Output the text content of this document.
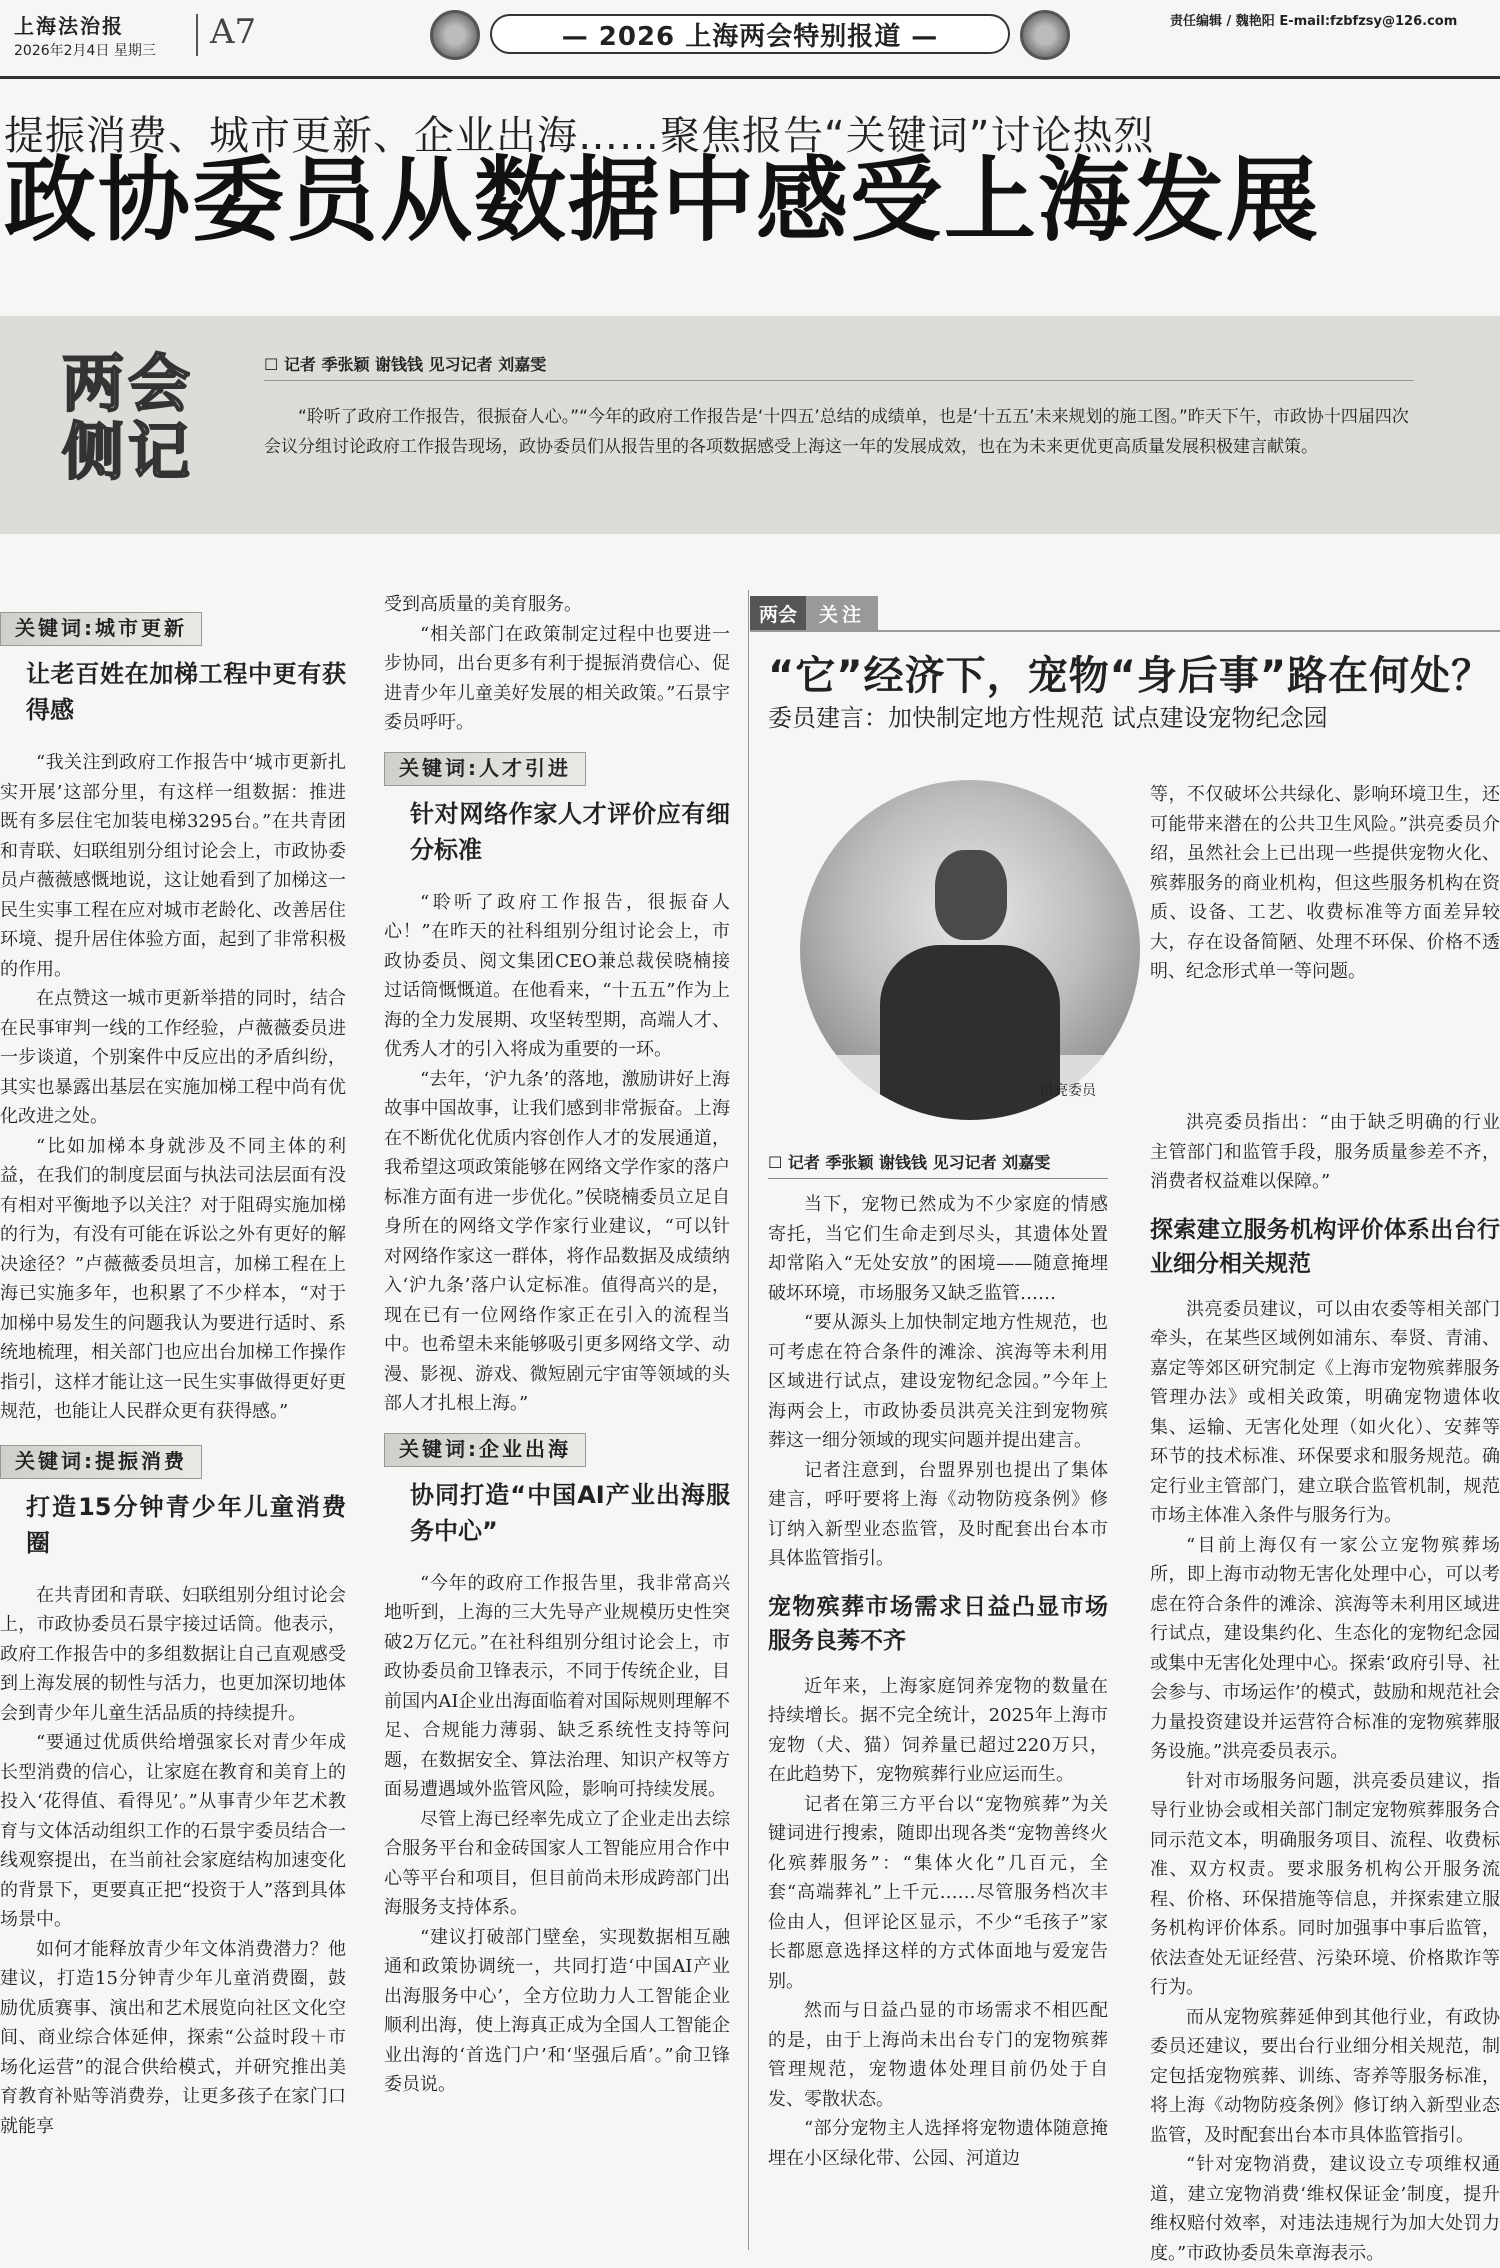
上海法治报
2026年2月4日 星期三 A7	— 2026 上海两会特别报道 —	责任编辑 / 魏艳阳 E-mail:fzbfzsy@126.com
提振消费、城市更新、企业出海……聚焦报告“关键词”讨论热烈
政协委员从数据中感受上海发展
两会侧记
☐ 记者 季张颖 谢钱钱 见习记者 刘嘉雯
“聆听了政府工作报告，很振奋人心。”“今年的政府工作报告是‘十四五’总结的成绩单，也是‘十五五’未来规划的施工图。”昨天下午，市政协十四届四次会议分组讨论政府工作报告现场，政协委员们从报告里的各项数据感受上海这一年的发展成效，也在为未来更优更高质量发展积极建言献策。
关键词:城市更新
让老百姓在加梯工程中更有获得感

“我关注到政府工作报告中‘城市更新扎实开展’这部分里，有这样一组数据：推进既有多层住宅加装电梯3295台。”在共青团和青联、妇联组别分组讨论会上，市政协委员卢薇薇感慨地说，这让她看到了加梯这一民生实事工程在应对城市老龄化、改善居住环境、提升居住体验方面，起到了非常积极的作用。

在点赞这一城市更新举措的同时，结合在民事审判一线的工作经验，卢薇薇委员进一步谈道，个别案件中反应出的矛盾纠纷，其实也暴露出基层在实施加梯工程中尚有优化改进之处。

“比如加梯本身就涉及不同主体的利益，在我们的制度层面与执法司法层面有没有相对平衡地予以关注？对于阻碍实施加梯的行为，有没有可能在诉讼之外有更好的解决途径？”卢薇薇委员坦言，加梯工程在上海已实施多年，也积累了不少样本，“对于加梯中易发生的问题我认为要进行适时、系统地梳理，相关部门也应出台加梯工作操作指引，这样才能让这一民生实事做得更好更规范，也能让人民群众更有获得感。”

关键词:提振消费
打造15分钟青少年儿童消费圈

在共青团和青联、妇联组别分组讨论会上，市政协委员石景宇接过话筒。他表示，政府工作报告中的多组数据让自己直观感受到上海发展的韧性与活力，也更加深切地体会到青少年儿童生活品质的持续提升。

“要通过优质供给增强家长对青少年成长型消费的信心，让家庭在教育和美育上的投入‘花得值、看得见’。”从事青少年艺术教育与文体活动组织工作的石景宇委员结合一线观察提出，在当前社会家庭结构加速变化的背景下，更要真正把“投资于人”落到具体场景中。

如何才能释放青少年文体消费潜力？他建议，打造15分钟青少年儿童消费圈，鼓励优质赛事、演出和艺术展览向社区文化空间、商业综合体延伸，探索“公益时段＋市场化运营”的混合供给模式，并研究推出美育教育补贴等消费券，让更多孩子在家门口就能享

受到高质量的美育服务。

“相关部门在政策制定过程中也要进一步协同，出台更多有利于提振消费信心、促进青少年儿童美好发展的相关政策。”石景宇委员呼吁。

关键词:人才引进
针对网络作家人才评价应有细分标准

“聆听了政府工作报告，很振奋人心！”在昨天的社科组别分组讨论会上，市政协委员、阅文集团CEO兼总裁侯晓楠接过话筒慨慨道。在他看来，“十五五”作为上海的全力发展期、攻坚转型期，高端人才、优秀人才的引入将成为重要的一环。

“去年，‘沪九条’的落地，激励讲好上海故事中国故事，让我们感到非常振奋。上海在不断优化优质内容创作人才的发展通道，我希望这项政策能够在网络文学作家的落户标准方面有进一步优化。”侯晓楠委员立足自身所在的网络文学作家行业建议，“可以针对网络作家这一群体，将作品数据及成绩纳入‘沪九条’落户认定标准。值得高兴的是，现在已有一位网络作家正在引入的流程当中。也希望未来能够吸引更多网络文学、动漫、影视、游戏、微短剧元宇宙等领域的头部人才扎根上海。”

关键词:企业出海
协同打造“中国AI产业出海服务中心”

“今年的政府工作报告里，我非常高兴地听到，上海的三大先导产业规模历史性突破2万亿元。”在社科组别分组讨论会上，市政协委员俞卫锋表示，不同于传统企业，目前国内AI企业出海面临着对国际规则理解不足、合规能力薄弱、缺乏系统性支持等问题，在数据安全、算法治理、知识产权等方面易遭遇域外监管风险，影响可持续发展。

尽管上海已经率先成立了企业走出去综合服务平台和金砖国家人工智能应用合作中心等平台和项目，但目前尚未形成跨部门出海服务支持体系。

“建议打破部门壁垒，实现数据相互融通和政策协调统一，共同打造‘中国AI产业出海服务中心’，全方位助力人工智能企业顺利出海，使上海真正成为全国人工智能企业出海的‘首选门户’和‘坚强后盾’。”俞卫锋委员说。

两会	关注
“它”经济下，宠物“身后事”路在何处？
委员建言：加快制定地方性规范 试点建设宠物纪念园
洪亮委员
☐ 记者 季张颖 谢钱钱 见习记者 刘嘉雯

当下，宠物已然成为不少家庭的情感寄托，当它们生命走到尽头，其遗体处置却常陷入“无处安放”的困境——随意掩埋破坏环境，市场服务又缺乏监管……

“要从源头上加快制定地方性规范，也可考虑在符合条件的滩涂、滨海等未利用区域进行试点，建设宠物纪念园。”今年上海两会上，市政协委员洪亮关注到宠物殡葬这一细分领域的现实问题并提出建言。

记者注意到，台盟界别也提出了集体建言，呼吁要将上海《动物防疫条例》修订纳入新型业态监管，及时配套出台本市具体监管指引。

宠物殡葬市场需求日益凸显市场服务良莠不齐

近年来，上海家庭饲养宠物的数量在持续增长。据不完全统计，2025年上海市宠物（犬、猫）饲养量已超过220万只，在此趋势下，宠物殡葬行业应运而生。

记者在第三方平台以“宠物殡葬”为关键词进行搜索，随即出现各类“宠物善终火化殡葬服务”：“集体火化”几百元，全套“高端葬礼”上千元……尽管服务档次丰俭由人，但评论区显示，不少“毛孩子”家长都愿意选择这样的方式体面地与爱宠告别。

然而与日益凸显的市场需求不相匹配的是，由于上海尚未出台专门的宠物殡葬管理规范，宠物遗体处理目前仍处于自发、零散状态。

“部分宠物主人选择将宠物遗体随意掩埋在小区绿化带、公园、河道边

等，不仅破坏公共绿化、影响环境卫生，还可能带来潜在的公共卫生风险。”洪亮委员介绍，虽然社会上已出现一些提供宠物火化、殡葬服务的商业机构，但这些服务机构在资质、设备、工艺、收费标准等方面差异较大，存在设备简陋、处理不环保、价格不透明、纪念形式单一等问题。

洪亮委员指出：“由于缺乏明确的行业主管部门和监管手段，服务质量参差不齐，消费者权益难以保障。”

探索建立服务机构评价体系出台行业细分相关规范

洪亮委员建议，可以由农委等相关部门牵头，在某些区域例如浦东、奉贤、青浦、嘉定等郊区研究制定《上海市宠物殡葬服务管理办法》或相关政策，明确宠物遗体收集、运输、无害化处理（如火化）、安葬等环节的技术标准、环保要求和服务规范。确定行业主管部门，建立联合监管机制，规范市场主体准入条件与服务行为。

“目前上海仅有一家公立宠物殡葬场所，即上海市动物无害化处理中心，可以考虑在符合条件的滩涂、滨海等未利用区域进行试点，建设集约化、生态化的宠物纪念园或集中无害化处理中心。探索‘政府引导、社会参与、市场运作’的模式，鼓励和规范社会力量投资建设并运营符合标准的宠物殡葬服务设施。”洪亮委员表示。

针对市场服务问题，洪亮委员建议，指导行业协会或相关部门制定宠物殡葬服务合同示范文本，明确服务项目、流程、收费标准、双方权责。要求服务机构公开服务流程、价格、环保措施等信息，并探索建立服务机构评价体系。同时加强事中事后监管，依法查处无证经营、污染环境、价格欺诈等行为。

而从宠物殡葬延伸到其他行业，有政协委员还建议，要出台行业细分相关规范，制定包括宠物殡葬、训练、寄养等服务标准，将上海《动物防疫条例》修订纳入新型业态监管，及时配套出台本市具体监管指引。

“针对宠物消费，建议设立专项维权通道，建立宠物消费‘维权保证金’制度，提升维权赔付效率，对违法违规行为加大处罚力度。”市政协委员朱章海表示。
